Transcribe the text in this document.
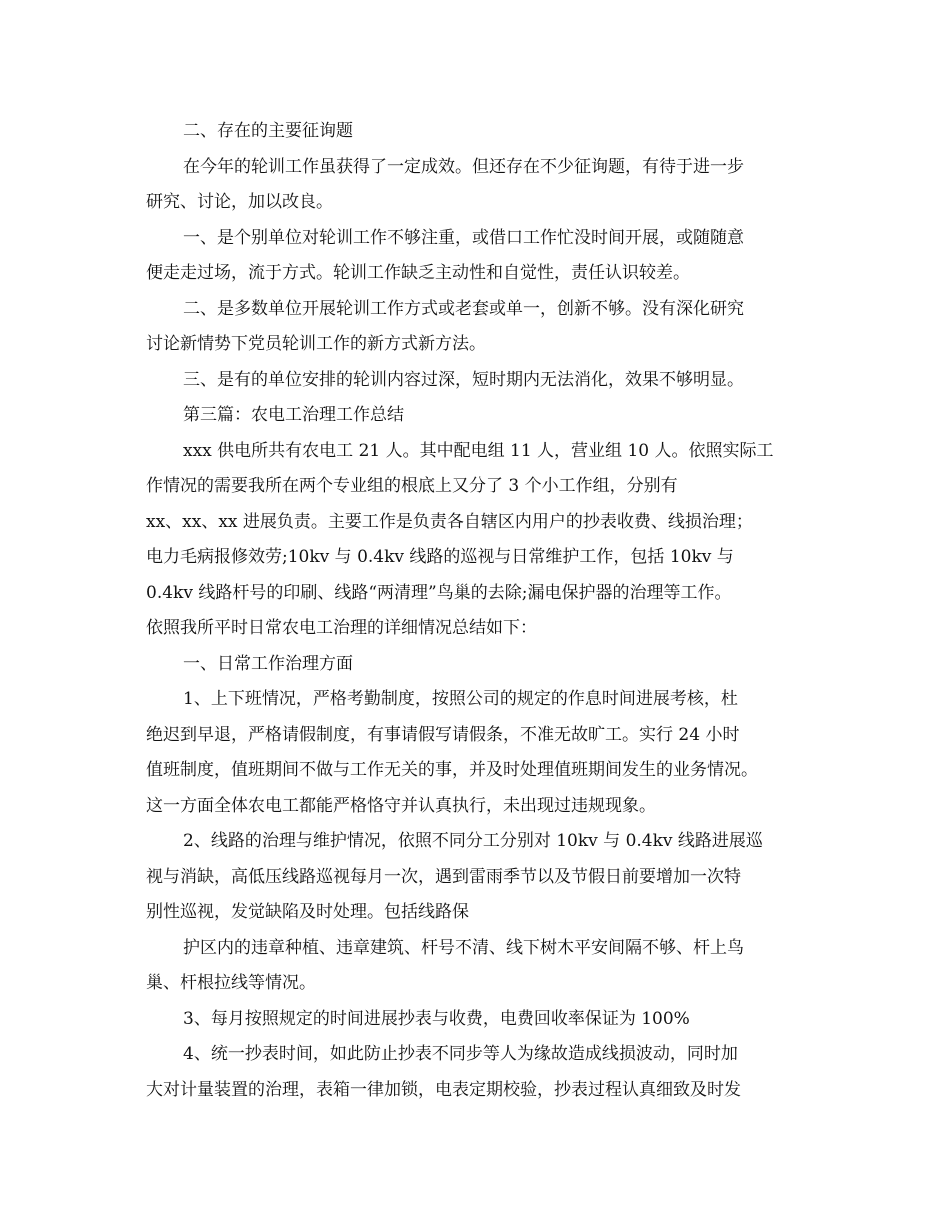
二、存在的主要征询题
在今年的轮训工作虽获得了一定成效。但还存在不少征询题，有待于进一步
研究、讨论，加以改良。
一、是个别单位对轮训工作不够注重，或借口工作忙没时间开展，或随随意
便走走过场，流于方式。轮训工作缺乏主动性和自觉性，责任认识较差。
二、是多数单位开展轮训工作方式或老套或单一，创新不够。没有深化研究
讨论新情势下党员轮训工作的新方式新方法。
三、是有的单位安排的轮训内容过深，短时期内无法消化，效果不够明显。
第三篇：农电工治理工作总结
xxx 供电所共有农电工 21 人。其中配电组 11 人，营业组 10 人。依照实际工
作情况的需要我所在两个专业组的根底上又分了 3 个小工作组，分别有
xx、xx、xx 进展负责。主要工作是负责各自辖区内用户的抄表收费、线损治理；
电力毛病报修效劳;10kv 与 0.4kv 线路的巡视与日常维护工作，包括 10kv 与
0.4kv 线路杆号的印刷、线路“两清理”鸟巢的去除;漏电保护器的治理等工作。
依照我所平时日常农电工治理的详细情况总结如下：
一、日常工作治理方面
1、上下班情况，严格考勤制度，按照公司的规定的作息时间进展考核，杜
绝迟到早退，严格请假制度，有事请假写请假条，不准无故旷工。实行 24 小时
值班制度，值班期间不做与工作无关的事，并及时处理值班期间发生的业务情况。
这一方面全体农电工都能严格恪守并认真执行，未出现过违规现象。
2、线路的治理与维护情况，依照不同分工分别对 10kv 与 0.4kv 线路进展巡
视与消缺，高低压线路巡视每月一次，遇到雷雨季节以及节假日前要增加一次特
别性巡视，发觉缺陷及时处理。包括线路保
护区内的违章种植、违章建筑、杆号不清、线下树木平安间隔不够、杆上鸟
巢、杆根拉线等情况。
3、每月按照规定的时间进展抄表与收费，电费回收率保证为 100%
4、统一抄表时间，如此防止抄表不同步等人为缘故造成线损波动，同时加
大对计量装置的治理，表箱一律加锁，电表定期校验，抄表过程认真细致及时发
